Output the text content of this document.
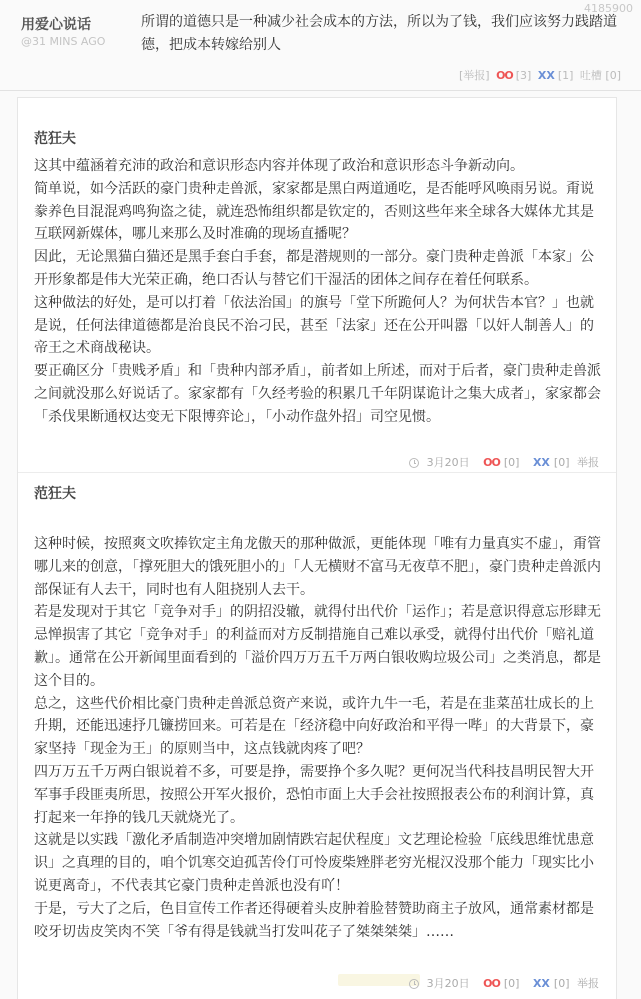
4185900
用爱心说话
@31 MINS AGO
所谓的道德只是一种减少社会成本的方法，所以为了钱，我们应该努力践踏道德，把成本转嫁给别人
[举报] OO [3] XX [1] 吐槽 [0]
范狂夫

这其中蕴涵着充沛的政治和意识形态内容并体现了政治和意识形态斗争新动向。

简单说，如今活跃的豪门贵种走兽派，家家都是黑白两道通吃，是否能呼风唤雨另说。甭说豢养色目混混鸡鸣狗盗之徒，就连恐怖组织都是钦定的，否则这些年来全球各大媒体尤其是互联网新媒体，哪儿来那么及时准确的现场直播呢？

因此，无论黑猫白猫还是黑手套白手套，都是潜规则的一部分。豪门贵种走兽派「本家」公开形象都是伟大光荣正确，绝口否认与替它们干湿活的团体之间存在着任何联系。

这种做法的好处，是可以打着「依法治国」的旗号「堂下所跪何人？为何状告本官？」也就是说，任何法律道德都是治良民不治刁民，甚至「法家」还在公开叫嚣「以奸人制善人」的帝王之术商战秘诀。

要正确区分「贵贱矛盾」和「贵种内部矛盾」，前者如上所述，而对于后者，豪门贵种走兽派之间就没那么好说话了。家家都有「久经考验的积累几千年阴谋诡计之集大成者」，家家都会「杀伐果断通权达变无下限博弈论」，「小动作盘外招」司空见惯。

3月20日 OO [0] XX [0] 举报
范狂夫

这种时候，按照爽文吹捧钦定主角龙傲天的那种做派，更能体现「唯有力量真实不虚」，甭管哪儿来的创意，「撑死胆大的饿死胆小的」「人无横财不富马无夜草不肥」，豪门贵种走兽派内部保证有人去干，同时也有人阻挠别人去干。

若是发现对于其它「竞争对手」的阴招没辙，就得付出代价「运作」；若是意识得意忘形肆无忌惮损害了其它「竞争对手」的利益而对方反制措施自己难以承受，就得付出代价「赔礼道歉」。通常在公开新闻里面看到的「溢价四万万五千万两白银收购垃圾公司」之类消息，都是这个目的。

总之，这些代价相比豪门贵种走兽派总资产来说，或许九牛一毛，若是在韭菜茁壮成长的上升期，还能迅速抒几镰捞回来。可若是在「经济稳中向好政治和平得一哔」的大背景下，豪家坚持「现金为王」的原则当中，这点钱就肉疼了吧？

四万万五千万两白银说着不多，可要是挣，需要挣个多久呢？更何况当代科技昌明民智大开军事手段匪夷所思，按照公开军火报价，恐怕市面上大手会社按照报表公布的利润计算，真打起来一年挣的钱几天就烧光了。

这就是以实践「激化矛盾制造冲突增加剧情跌宕起伏程度」文艺理论检验「底线思维忧患意识」之真理的目的，咱个饥寒交迫孤苦伶仃可怜废柴矬胖老穷光棍汉没那个能力「现实比小说更离奇」，不代表其它豪门贵种走兽派也没有吖！

于是，亏大了之后，色目宣传工作者还得硬着头皮肿着脸替赞助商主子放风，通常素材都是咬牙切齿皮笑肉不笑「爷有得是钱就当打发叫花子了桀桀桀桀」……

3月20日 OO [0] XX [0] 举报
